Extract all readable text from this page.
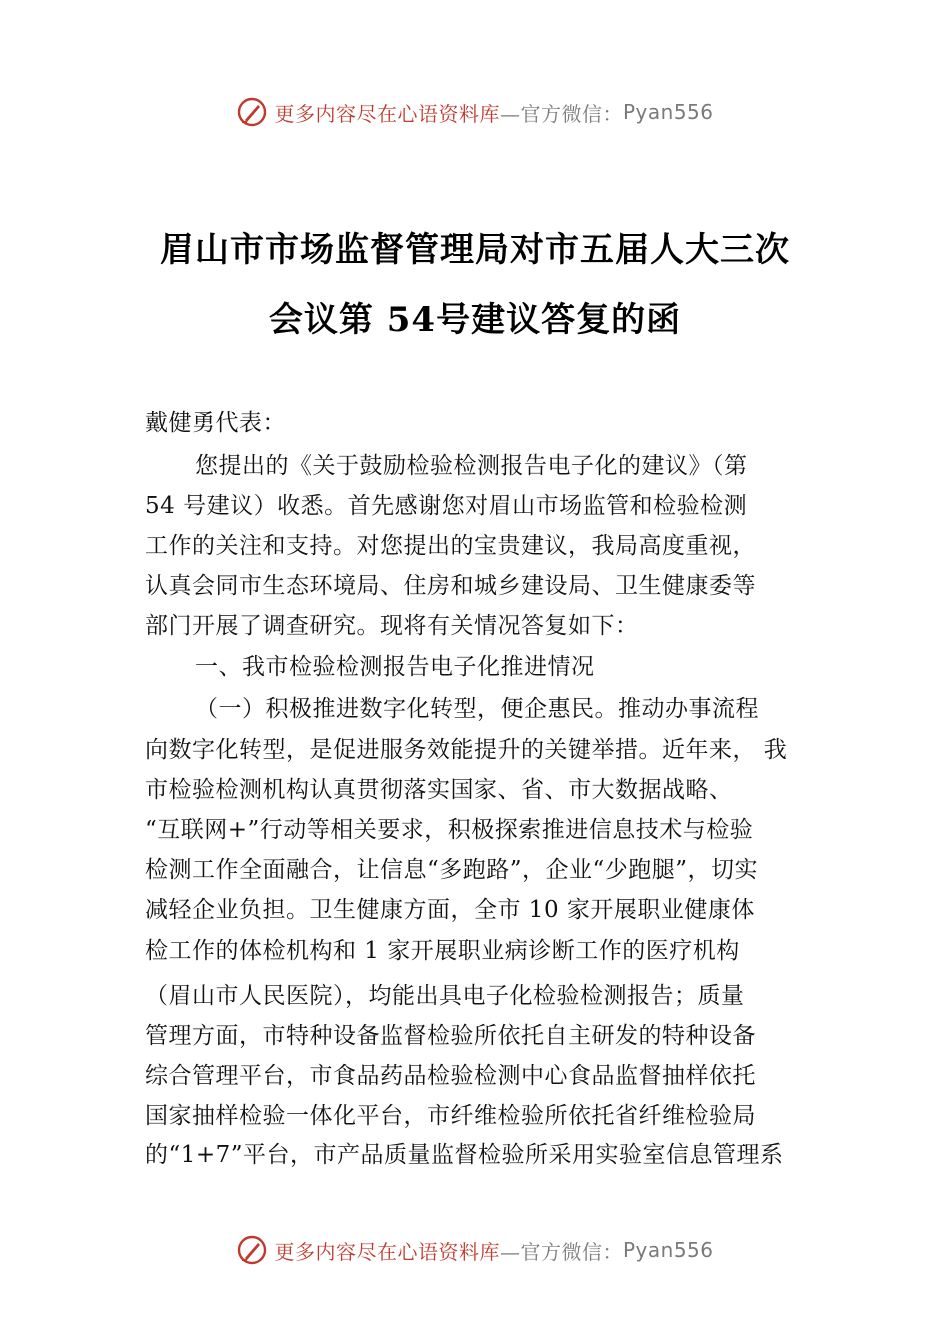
更多内容尽在心语资料库 —官方微信： Pyan556
眉山市市场监督管理局对市五届人大三次
会议第 54号建议答复的函
戴健勇代表：
您提出的《关于鼓励检验检测报告电子化的建议》（第
54 号建议）收悉。首先感谢您对眉山市场监管和检验检测
工作的关注和支持。对您提出的宝贵建议，我局高度重视，
认真会同市生态环境局、住房和城乡建设局、卫生健康委等
部门开展了调查研究。现将有关情况答复如下：
一、我市检验检测报告电子化推进情况
（一）积极推进数字化转型，便企惠民。推动办事流程
向数字化转型，是促进服务效能提升的关键举措。近年来， 我
市检验检测机构认真贯彻落实国家、省、市大数据战略、
“互联网+”行动等相关要求，积极探索推进信息技术与检验
检测工作全面融合，让信息“多跑路”，企业“少跑腿”，切实
减轻企业负担。卫生健康方面，全市 10 家开展职业健康体
检工作的体检机构和 1 家开展职业病诊断工作的医疗机构
（眉山市人民医院），均能出具电子化检验检测报告；质量
管理方面，市特种设备监督检验所依托自主研发的特种设备
综合管理平台，市食品药品检验检测中心食品监督抽样依托
国家抽样检验一体化平台，市纤维检验所依托省纤维检验局
的“1+7”平台，市产品质量监督检验所采用实验室信息管理系
更多内容尽在心语资料库 —官方微信： Pyan556
